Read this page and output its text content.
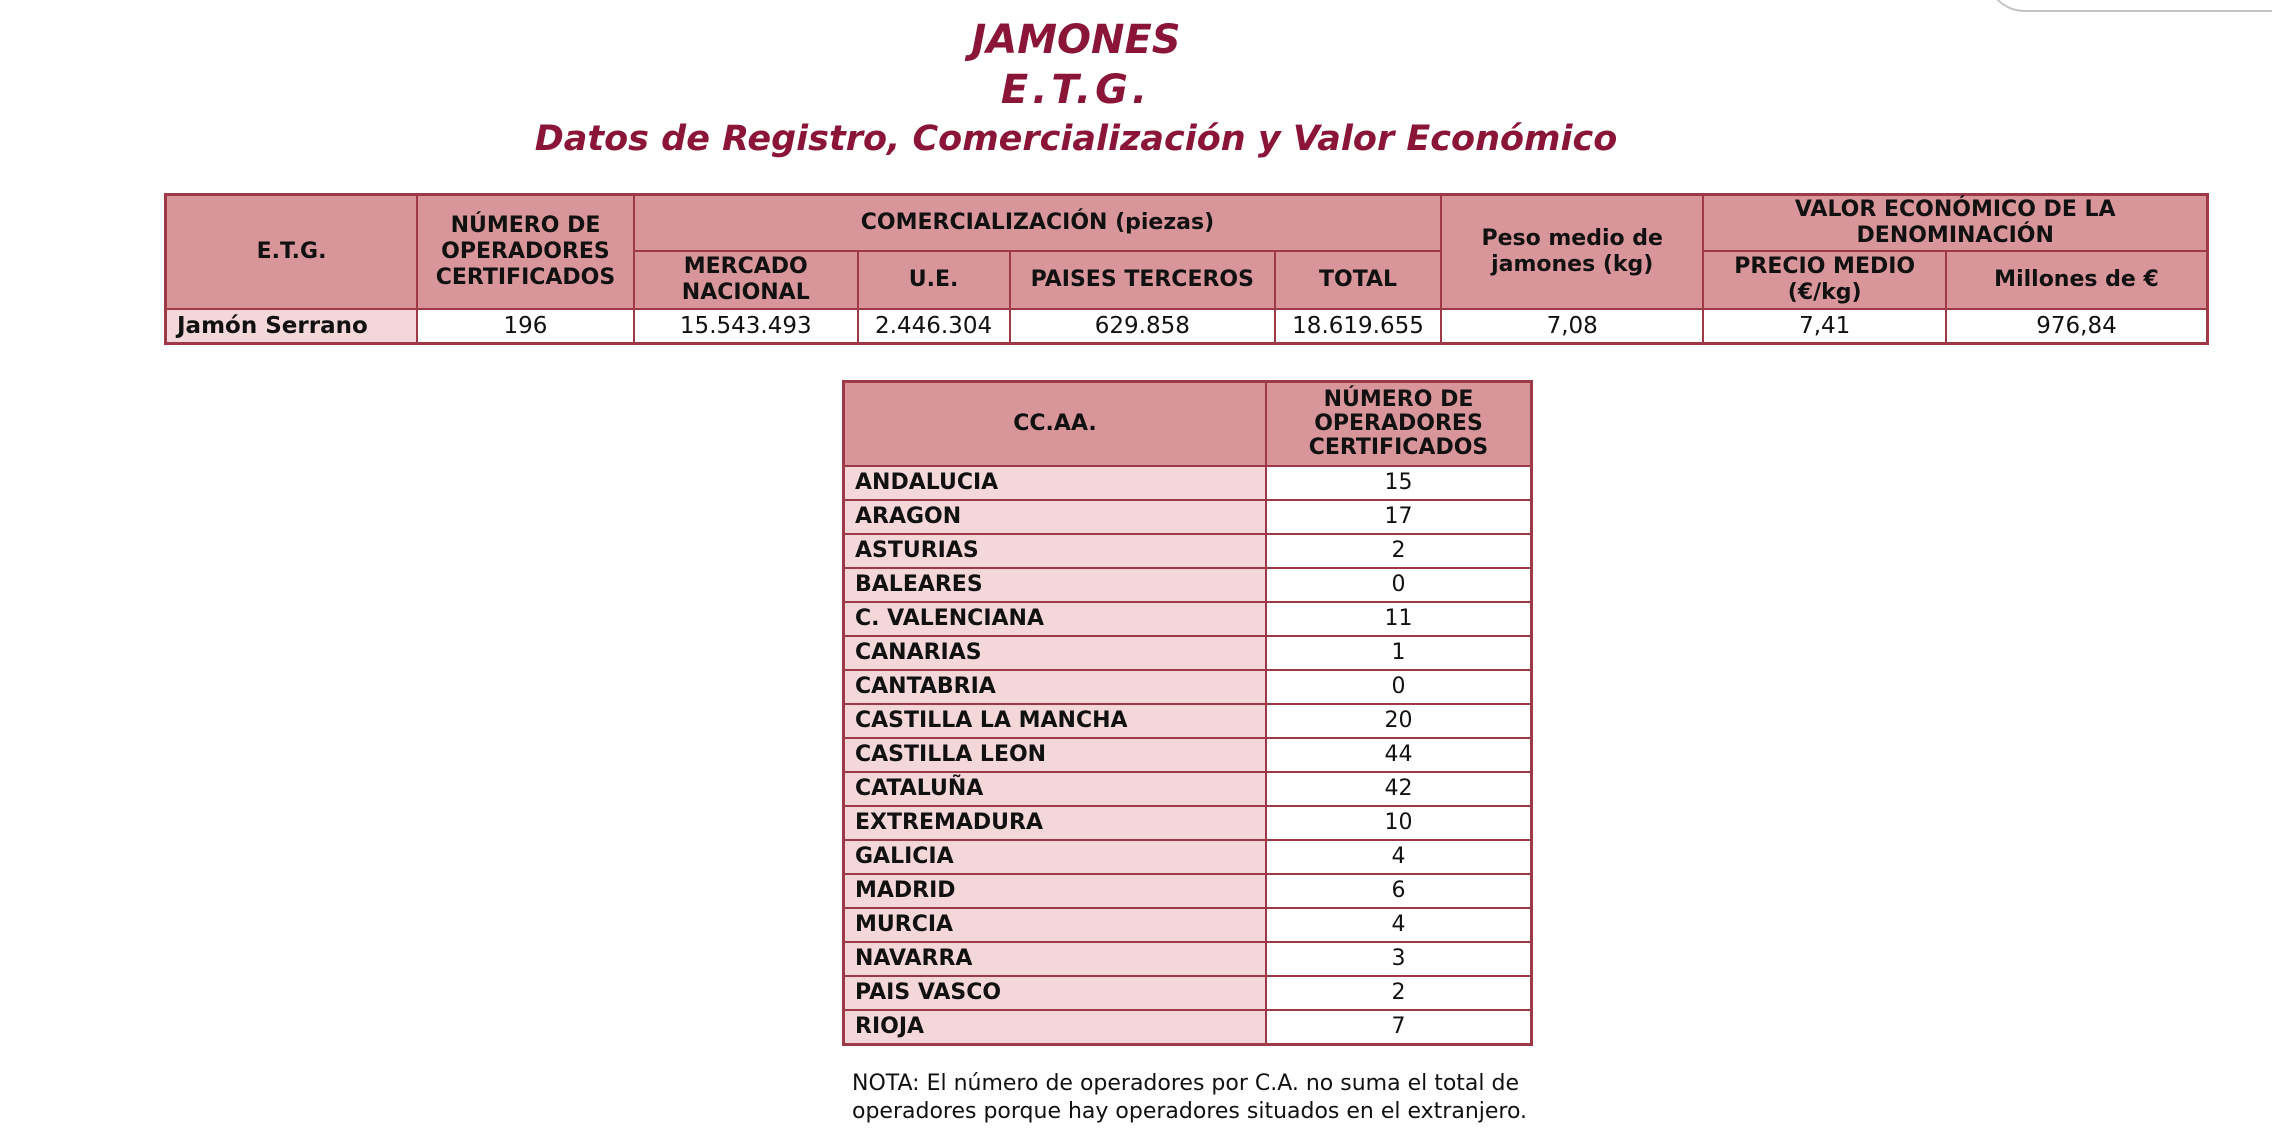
JAMONES
E.T.G.
Datos de Registro, Comercialización y Valor Económico
E.T.G.	NÚMERO DE OPERADORES CERTIFICADOS	COMERCIALIZACIÓN (piezas)				Peso medio de jamones (kg)	VALOR ECONÓMICO DE LA DENOMINACIÓN	
		MERCADO NACIONAL	U.E.	PAISES TERCEROS	TOTAL		PRECIO MEDIO (€/kg)	Millones de €
Jamón Serrano	196	15.543.493	2.446.304	629.858	18.619.655	7,08	7,41	976,84
CC.AA.	NÚMERO DE OPERADORES CERTIFICADOS
ANDALUCIA	15
ARAGON	17
ASTURIAS	2
BALEARES	0
C. VALENCIANA	11
CANARIAS	1
CANTABRIA	0
CASTILLA LA MANCHA	20
CASTILLA LEON	44
CATALUÑA	42
EXTREMADURA	10
GALICIA	4
MADRID	6
MURCIA	4
NAVARRA	3
PAIS VASCO	2
RIOJA	7
NOTA: El número de operadores por C.A. no suma el total de operadores porque hay operadores situados en el extranjero.
